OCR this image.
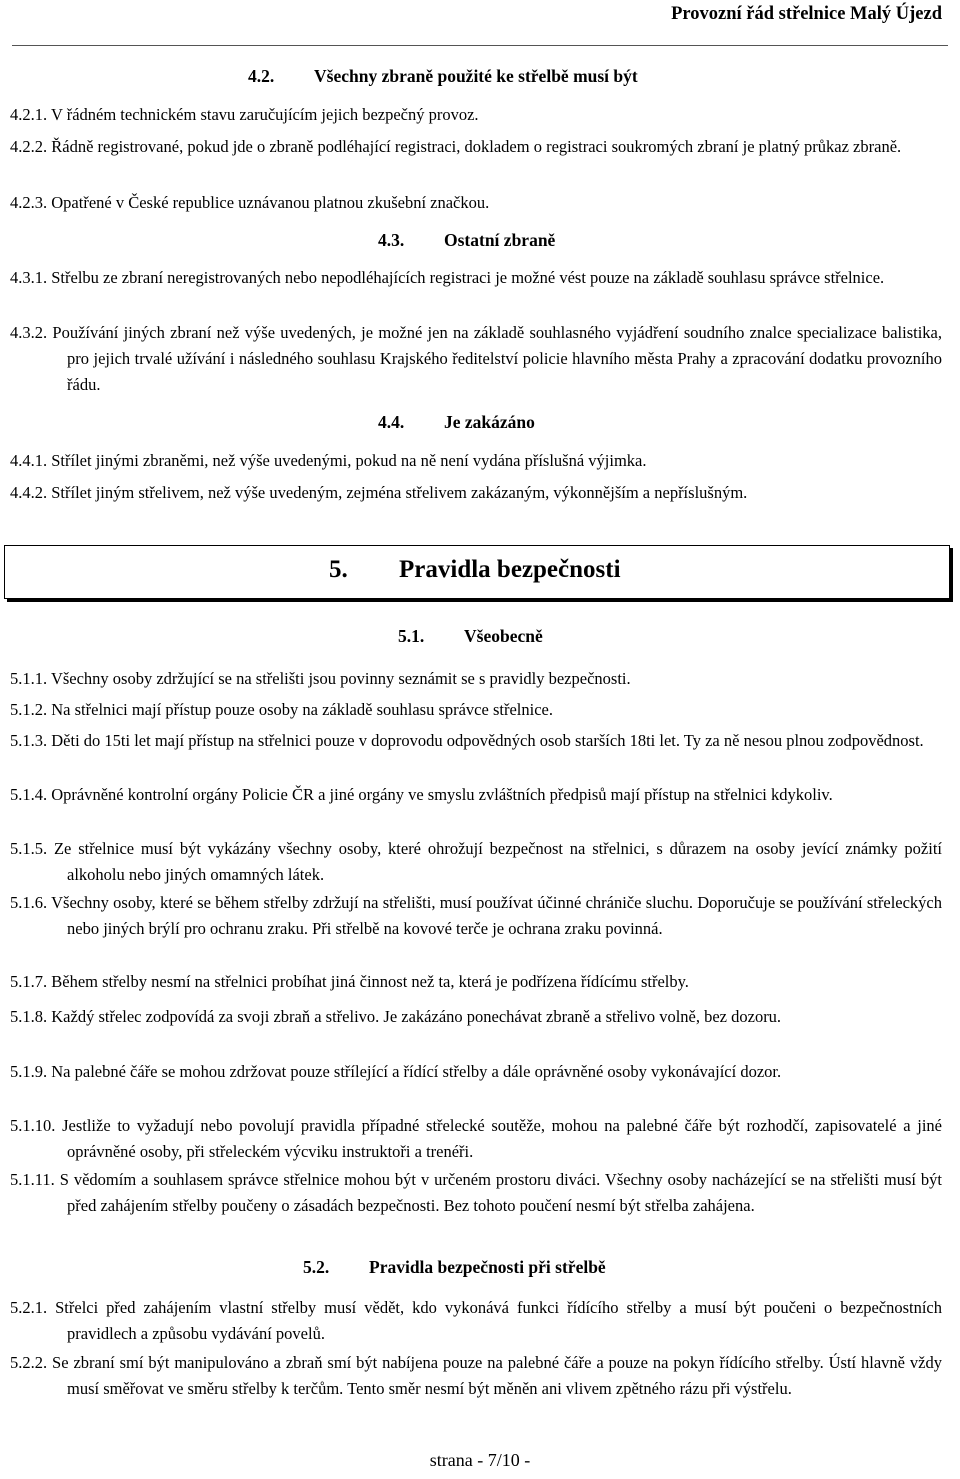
Provozní řád střelnice Malý Újezd
4.2. Všechny zbraně použité ke střelbě musí být

4.2.1. V řádném technickém stavu zaručujícím jejich bezpečný provoz.

4.2.2. Řádně registrované, pokud jde o zbraně podléhající registraci, dokladem o registraci soukromých zbraní je platný průkaz zbraně.

4.2.3. Opatřené v České republice uznávanou platnou zkušební značkou.

4.3. Ostatní zbraně

4.3.1. Střelbu ze zbraní neregistrovaných nebo nepodléhajících registraci je možné vést pouze na základě souhlasu správce střelnice.

4.3.2. Používání jiných zbraní než výše uvedených, je možné jen na základě souhlasného vyjádření soudního znalce specializace balistika, pro jejich trvalé užívání i následného souhlasu Krajského ředitelství policie hlavního města Prahy a zpracování dodatku provozního řádu.

4.4. Je zakázáno

4.4.1. Střílet jinými zbraněmi, než výše uvedenými, pokud na ně není vydána příslušná výjimka.

4.4.2. Střílet jiným střelivem, než výše uvedeným, zejména střelivem zakázaným, výkonnějším a nepříslušným.

5. Pravidla bezpečnosti
5.1. Všeobecně

5.1.1. Všechny osoby zdržující se na střelišti jsou povinny seznámit se s pravidly bezpečnosti.

5.1.2. Na střelnici mají přístup pouze osoby na základě souhlasu správce střelnice.

5.1.3. Děti do 15ti let mají přístup na střelnici pouze v doprovodu odpovědných osob starších 18ti let. Ty za ně nesou plnou zodpovědnost.

5.1.4. Oprávněné kontrolní orgány Policie ČR a jiné orgány ve smyslu zvláštních předpisů mají přístup na střelnici kdykoliv.

5.1.5. Ze střelnice musí být vykázány všechny osoby, které ohrožují bezpečnost na střelnici, s důrazem na osoby jevící známky požití alkoholu nebo jiných omamných látek.

5.1.6. Všechny osoby, které se během střelby zdržují na střelišti, musí používat účinné chrániče sluchu. Doporučuje se používání střeleckých nebo jiných brýlí pro ochranu zraku. Při střelbě na kovové terče je ochrana zraku povinná.

5.1.7. Během střelby nesmí na střelnici probíhat jiná činnost než ta, která je podřízena řídícímu střelby.

5.1.8. Každý střelec zodpovídá za svoji zbraň a střelivo. Je zakázáno ponechávat zbraně a střelivo volně, bez dozoru.

5.1.9. Na palebné čáře se mohou zdržovat pouze střílející a řídící střelby a dále oprávněné osoby vykonávající dozor.

5.1.10. Jestliže to vyžadují nebo povolují pravidla případné střelecké soutěže, mohou na palebné čáře být rozhodčí, zapisovatelé a jiné oprávněné osoby, při střeleckém výcviku instruktoři a trenéři.

5.1.11. S vědomím a souhlasem správce střelnice mohou být v určeném prostoru diváci. Všechny osoby nacházející se na střelišti musí být před zahájením střelby poučeny o zásadách bezpečnosti. Bez tohoto poučení nesmí být střelba zahájena.

5.2. Pravidla bezpečnosti při střelbě

5.2.1. Střelci před zahájením vlastní střelby musí vědět, kdo vykonává funkci řídícího střelby a musí být poučeni o bezpečnostních pravidlech a způsobu vydávání povelů.

5.2.2. Se zbraní smí být manipulováno a zbraň smí být nabíjena pouze na palebné čáře a pouze na pokyn řídícího střelby. Ústí hlavně vždy musí směřovat ve směru střelby k terčům. Tento směr nesmí být měněn ani vlivem zpětného rázu při výstřelu.

strana - 7/10 -
